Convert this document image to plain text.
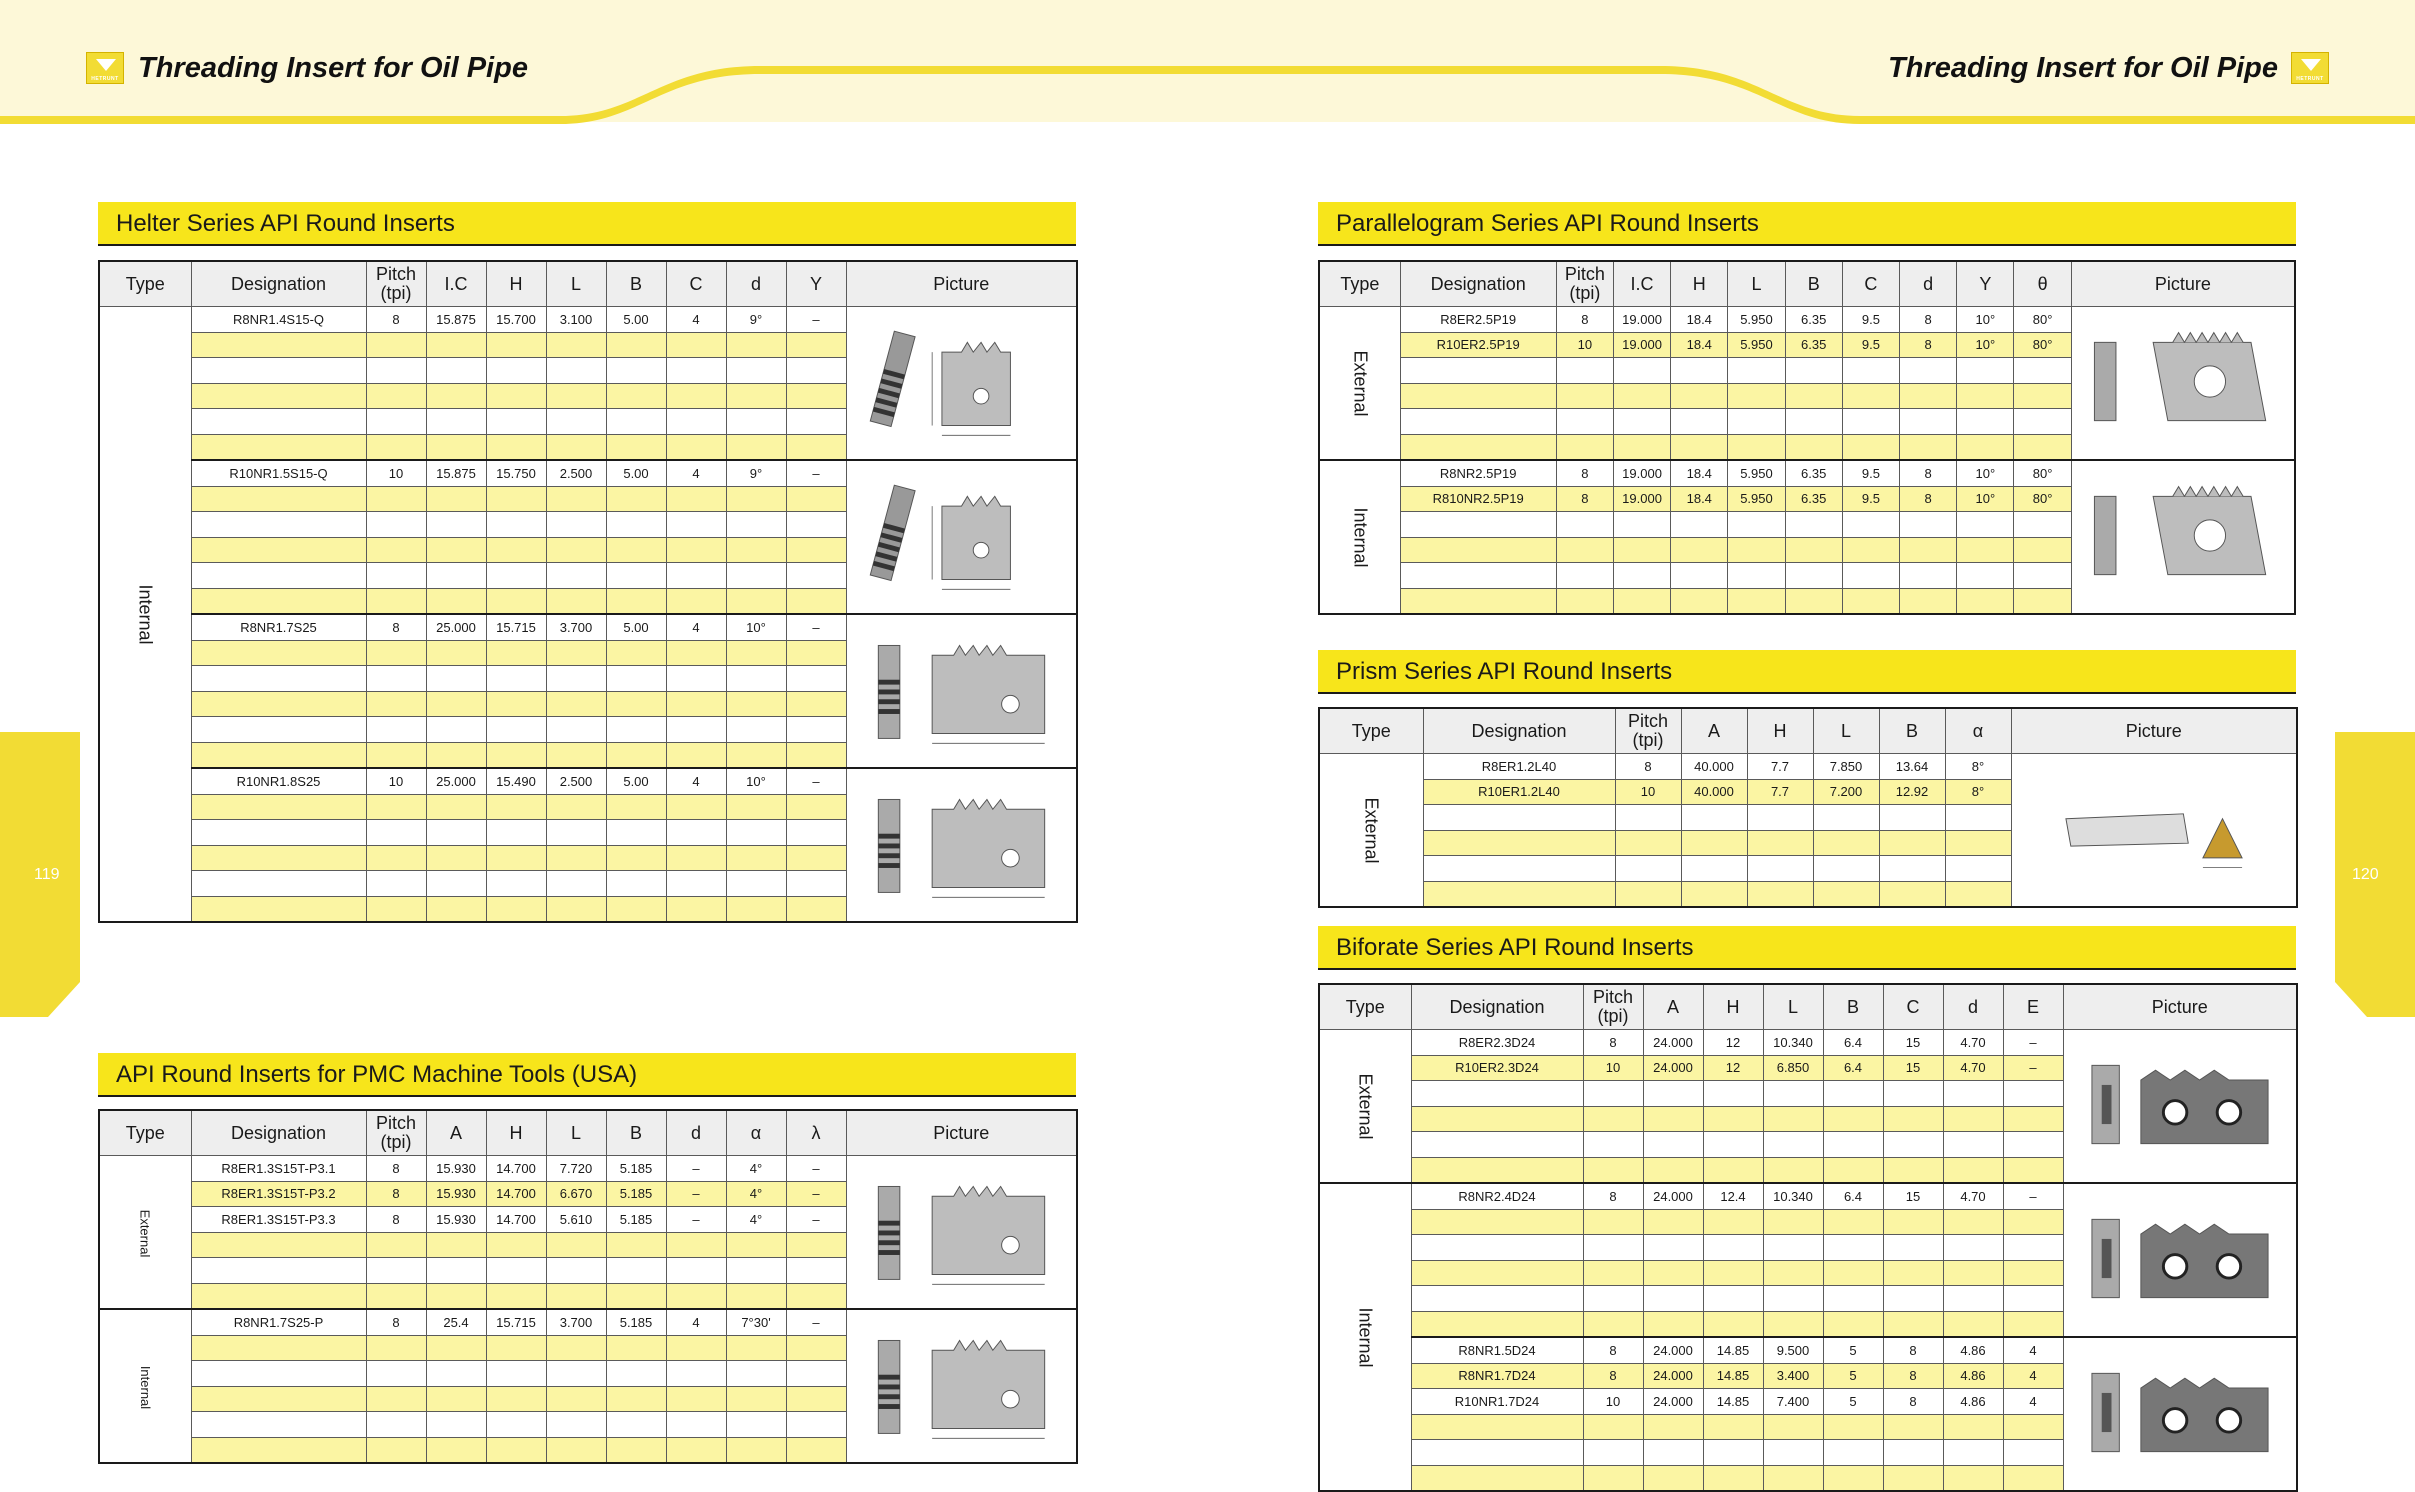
HETRUNT Threading Insert for Oil Pipe	Threading Insert for Oil Pipe	HETRUNT
119	120
Helter Series API Round Inserts
API Round Inserts for PMC Machine Tools (USA)
Parallelogram Series API Round Inserts
Prism Series API Round Inserts
Biforate Series API Round Inserts
Type	Designation	Pitch (tpi)	I.C	H	L	B	C	d	Y	Picture
Internal	R8NR1.4S15-Q	8	15.875	15.700	3.100	5.00	4	9°	–	

	R10NR1.5S15-Q	10	15.875	15.750	2.500	5.00	4	9°	–	

	R8NR1.7S25	8	25.000	15.715	3.700	5.00	4	10°	–	

	R10NR1.8S25	10	25.000	15.490	2.500	5.00	4	10°	–	

Type	Designation	Pitch (tpi)	A	H	L	B	d	α	λ	Picture
External	R8ER1.3S15T-P3.1	8	15.930	14.700	7.720	5.185	–	4°	–	
	R8ER1.3S15T-P3.2	8	15.930	14.700	6.670	5.185	–	4°	–	
	R8ER1.3S15T-P3.3	8	15.930	14.700	5.610	5.185	–	4°	–	

Internal	R8NR1.7S25-P	8	25.4	15.715	3.700	5.185	4	7°30'	–	

Type	Designation	Pitch (tpi)	I.C	H	L	B	C	d	Y	θ	Picture
External	R8ER2.5P19	8	19.000	18.4	5.950	6.35	9.5	8	10°	80°	
	R10ER2.5P19	10	19.000	18.4	5.950	6.35	9.5	8	10°	80°	

Internal	R8NR2.5P19	8	19.000	18.4	5.950	6.35	9.5	8	10°	80°	
	R810NR2.5P19	8	19.000	18.4	5.950	6.35	9.5	8	10°	80°	

Type	Designation	Pitch (tpi)	A	H	L	B	α	Picture
External	R8ER1.2L40	8	40.000	7.7	7.850	13.64	8°	
	R10ER1.2L40	10	40.000	7.7	7.200	12.92	8°	

Type	Designation	Pitch (tpi)	A	H	L	B	C	d	E	Picture
External	R8ER2.3D24	8	24.000	12	10.340	6.4	15	4.70	–	
	R10ER2.3D24	10	24.000	12	6.850	6.4	15	4.70	–	

Internal	R8NR2.4D24	8	24.000	12.4	10.340	6.4	15	4.70	–	

	R8NR1.5D24	8	24.000	14.85	9.500	5	8	4.86	4	
	R8NR1.7D24	8	24.000	14.85	3.400	5	8	4.86	4	
	R10NR1.7D24	10	24.000	14.85	7.400	5	8	4.86	4	
